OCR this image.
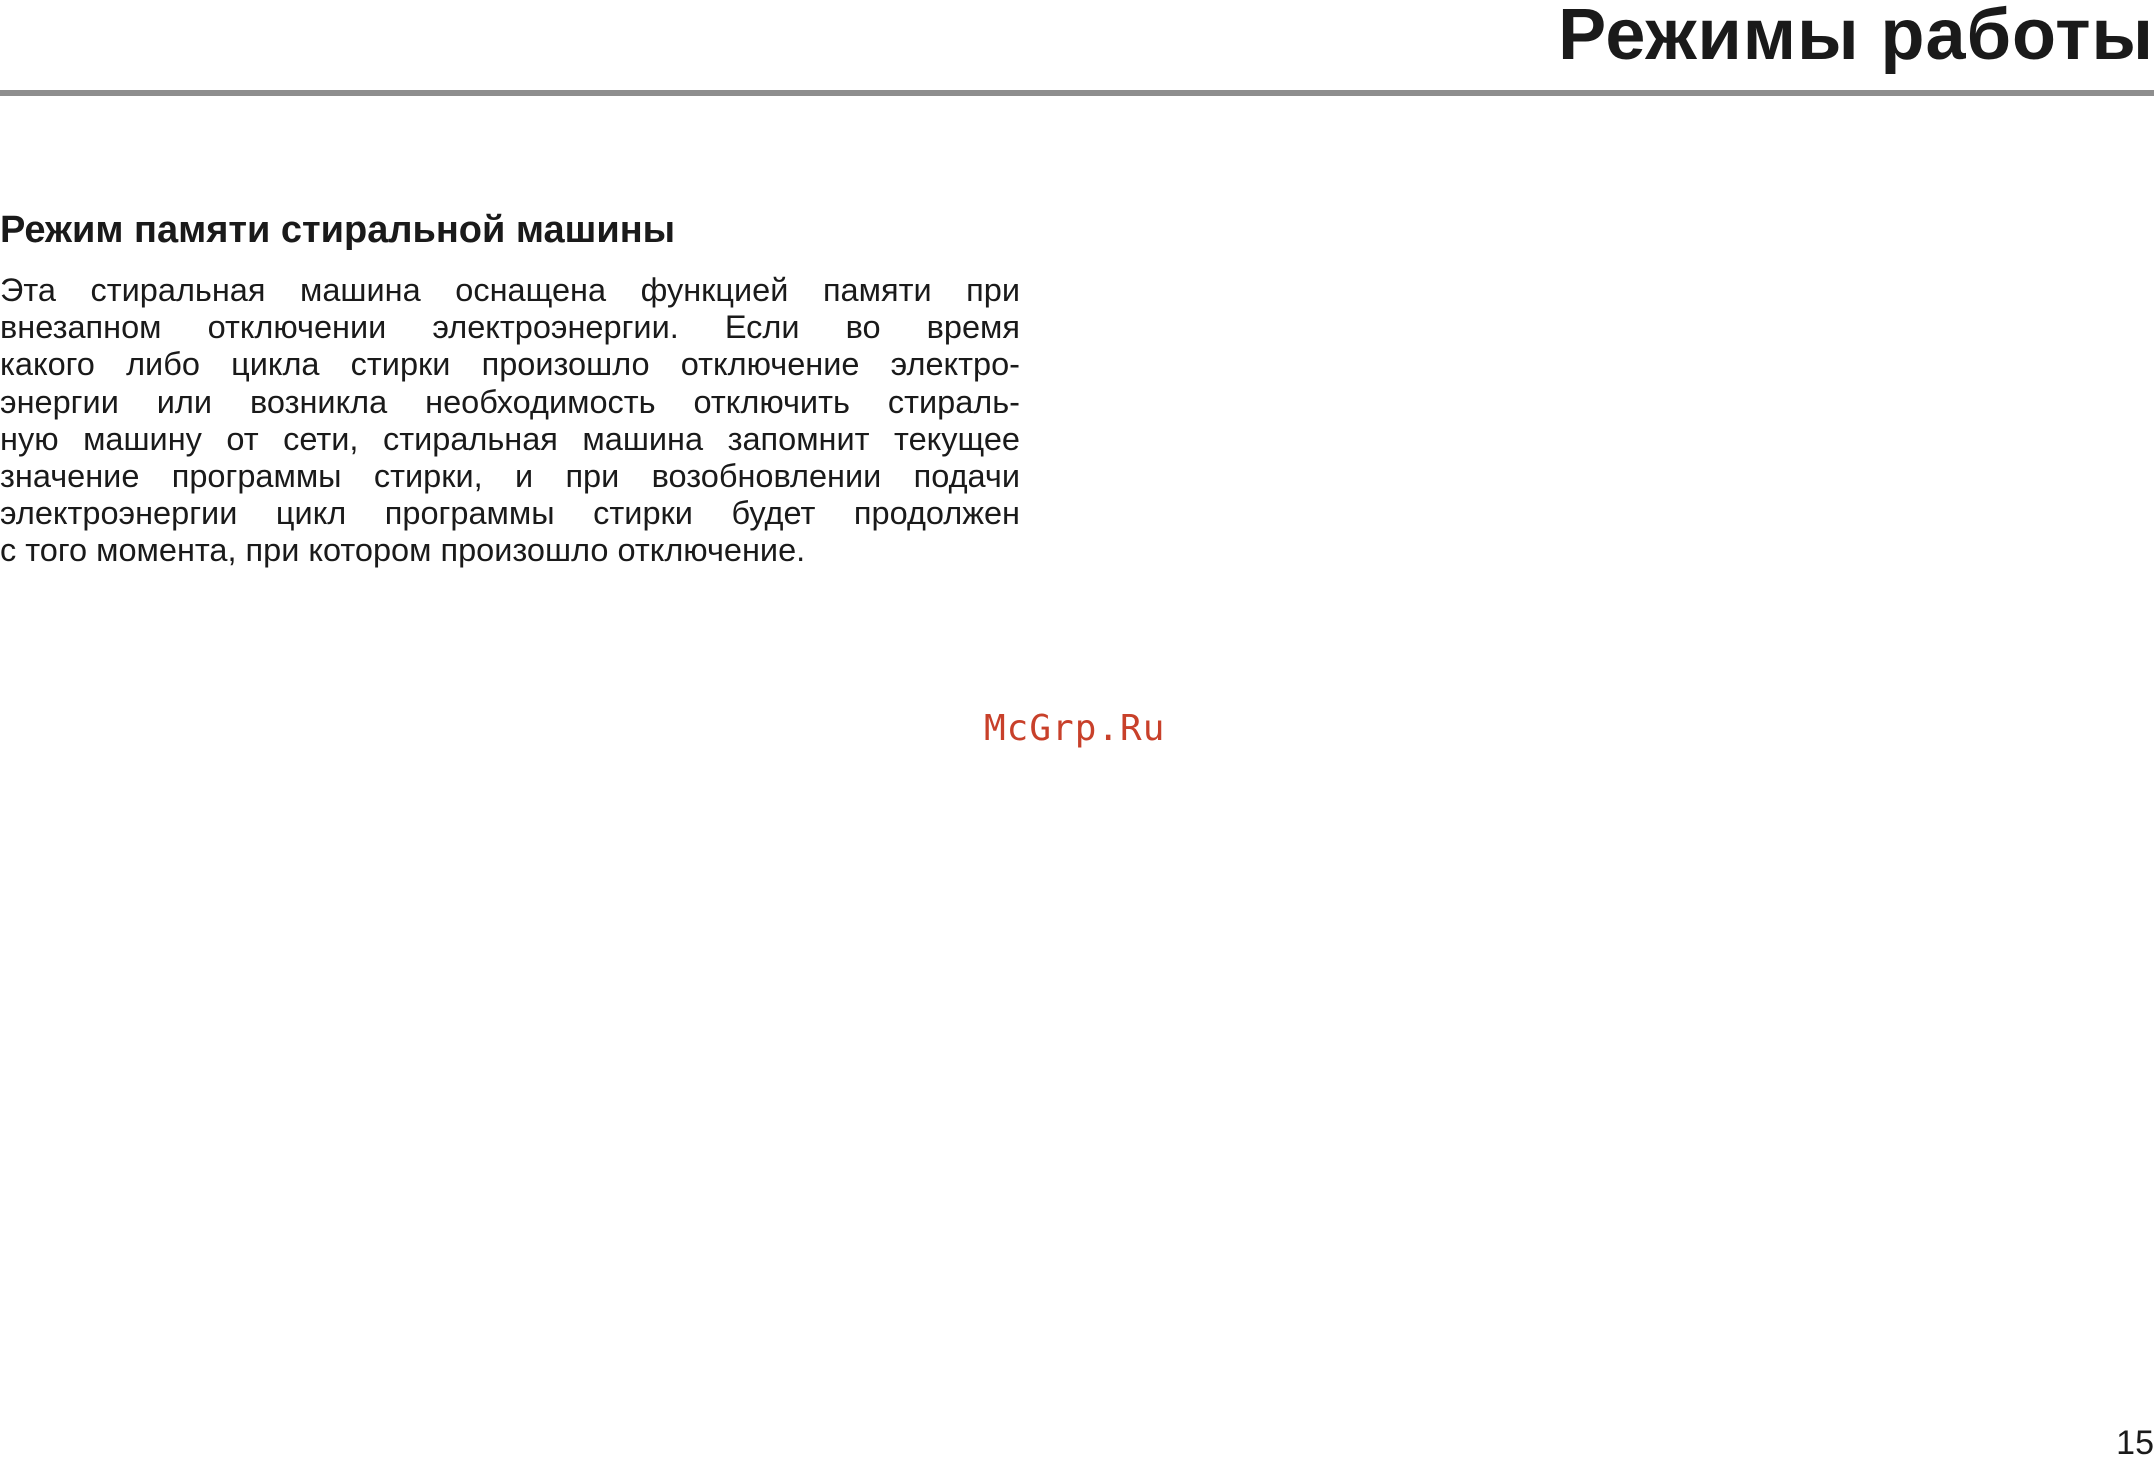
Режимы работы
Режим памяти стиральной машины
Эта стиральная машина оснащена функцией памяти при
внезапном отключении электроэнергии. Если во время
какого либо цикла стирки произошло отключение электро-
энергии или возникла необходимость отключить стираль-
ную машину от сети, стиральная машина запомнит текущее
значение программы стирки, и при возобновлении подачи
электроэнергии цикл программы стирки будет продолжен
с того момента, при котором произошло отключение.
McGrp.Ru
15
